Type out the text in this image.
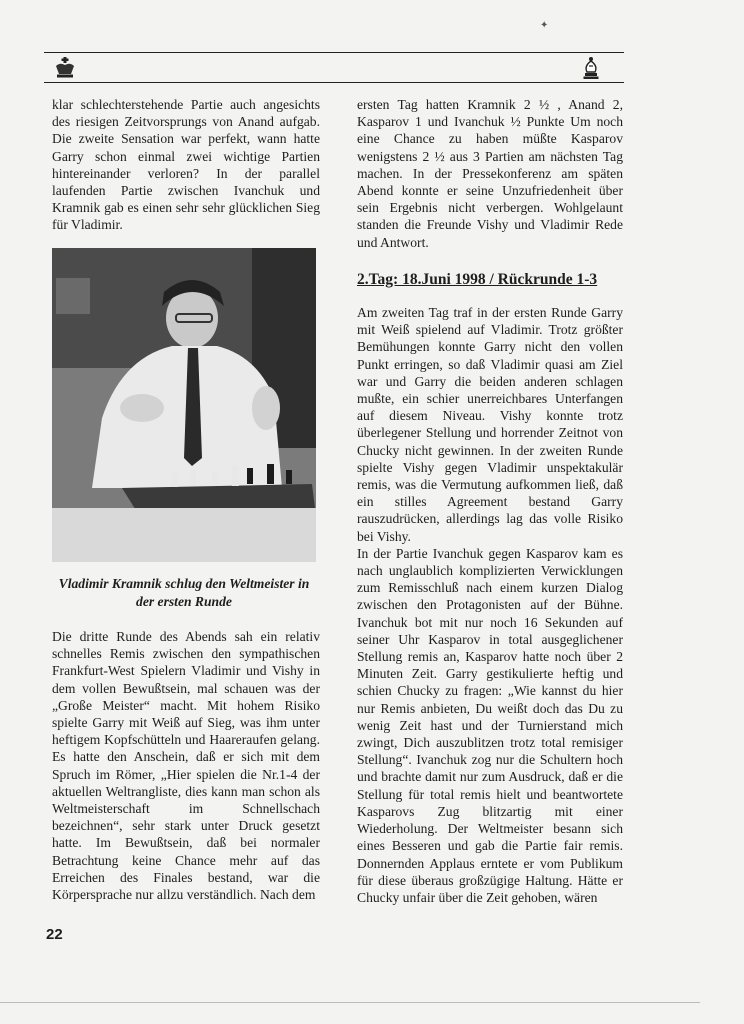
✦

klar schlechterstehende Partie auch angesichts des riesigen Zeitvorsprungs von Anand aufgab. Die zweite Sensation war perfekt, wann hatte Garry schon einmal zwei wichtige Partien hintereinander verloren? In der parallel laufenden Partie zwischen Ivanchuk und Kramnik gab es einen sehr sehr glücklichen Sieg für Vladimir.

Vladimir Kramnik schlug den Weltmeister in der ersten Runde

Die dritte Runde des Abends sah ein relativ schnelles Remis zwischen den sympathischen Frankfurt-West Spielern Vladimir und Vishy in dem vollen Bewußtsein, mal schauen was der „Große Meister“ macht. Mit hohem Risiko spielte Garry mit Weiß auf Sieg, was ihm unter heftigem Kopfschütteln und Haareraufen gelang. Es hatte den Anschein, daß er sich mit dem Spruch im Römer, „Hier spielen die Nr.1-4 der aktuellen Weltrangliste, dies kann man schon als Weltmeisterschaft im Schnellschach bezeichnen“, sehr stark unter Druck gesetzt hatte. Im Bewußtsein, daß bei normaler Betrachtung keine Chance mehr auf das Erreichen des Finales bestand, war die Körpersprache nur allzu verständlich. Nach dem

ersten Tag hatten Kramnik 2 ½ , Anand 2, Kasparov 1 und Ivanchuk ½ Punkte Um noch eine Chance zu haben müßte Kasparov wenigstens 2 ½ aus 3 Partien am nächsten Tag machen. In der Pressekonferenz am späten Abend konnte er seine Unzufriedenheit über sein Ergebnis nicht verbergen. Wohlgelaunt standen die Freunde Vishy und Vladimir Rede und Antwort.

2.Tag: 18.Juni 1998 / Rückrunde 1-3

Am zweiten Tag traf in der ersten Runde Garry mit Weiß spielend auf Vladimir. Trotz größter Bemühungen konnte Garry nicht den vollen Punkt erringen, so daß Vladimir quasi am Ziel war und Garry die beiden anderen schlagen mußte, ein schier unerreichbares Unterfangen auf diesem Niveau. Vishy konnte trotz überlegener Stellung und horrender Zeitnot von Chucky nicht gewinnen. In der zweiten Runde spielte Vishy gegen Vladimir unspektakulär remis, was die Vermutung aufkommen ließ, daß ein stilles Agreement bestand Garry rauszudrücken, allerdings lag das volle Risiko bei Vishy.

In der Partie Ivanchuk gegen Kasparov kam es nach unglaublich komplizierten Verwicklungen zum Remisschluß nach einem kurzen Dialog zwischen den Protagonisten auf der Bühne. Ivanchuk bot mit nur noch 16 Sekunden auf seiner Uhr Kasparov in total ausgeglichener Stellung remis an, Kasparov hatte noch über 2 Minuten Zeit. Garry gestikulierte heftig und schien Chucky zu fragen: „Wie kannst du hier nur Remis anbieten, Du weißt doch das Du zu wenig Zeit hast und der Turnierstand mich zwingt, Dich auszublitzen trotz total remisiger Stellung“. Ivanchuk zog nur die Schultern hoch und brachte damit nur zum Ausdruck, daß er die Stellung für total remis hielt und beantwortete Kasparovs Zug blitzartig mit einer Wiederholung. Der Weltmeister besann sich eines Besseren und gab die Partie fair remis. Donnernden Applaus erntete er vom Publikum für diese überaus großzügige Haltung. Hätte er Chucky unfair über die Zeit gehoben, wären

22
